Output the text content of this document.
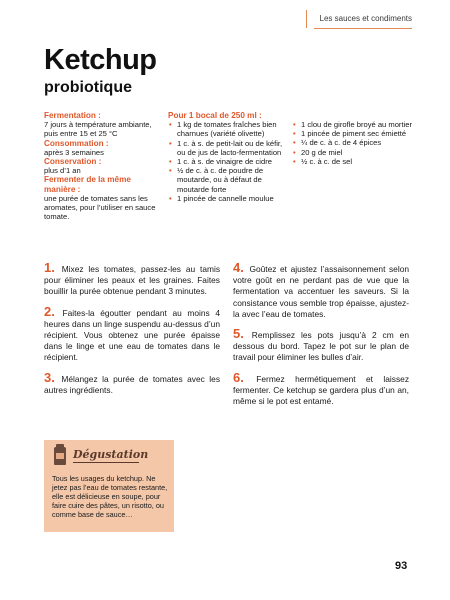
Les sauces et condiments
Ketchup
probiotique
Fermentation :
7 jours à température ambiante, puis entre 15 et 25 °C
Consommation :
après 3 semaines
Conservation :
plus d’1 an
Fermenter de la même manière :
une purée de tomates sans les aromates, pour l’utiliser en sauce tomate.
Pour 1 bocal de 250 ml :
• 1 kg de tomates fraîches bien charnues (variété olivette)
• 1 c. à s. de petit-lait ou de kéfir, ou de jus de lacto-fermentation
• 1 c. à s. de vinaigre de cidre
• ½ de c. à c. de poudre de moutarde, ou à défaut de moutarde forte
• 1 pincée de cannelle moulue
• 1 clou de girofle broyé au mortier
• 1 pincée de piment sec émietté
• ¼ de c. à c. de 4 épices
• 20 g de miel
• ½ c. à c. de sel

1. Mixez les tomates, passez-les au tamis pour éliminer les peaux et les graines. Faites bouillir la purée obtenue pendant 3 minutes.

2. Faites-la égoutter pendant au moins 4 heures dans un linge suspendu au-dessus d’un récipient. Vous obtenez une purée épaisse dans le linge et une eau de tomates dans le récipient.

3. Mélangez la purée de tomates avec les autres ingrédients.

4. Goûtez et ajustez l’assaisonnement selon votre goût en ne perdant pas de vue que la fermentation va accentuer les saveurs. Si la consistance vous semble trop épaisse, ajustez-la avec l’eau de tomates.

5. Remplissez les pots jusqu’à 2 cm en dessous du bord. Tapez le pot sur le plan de travail pour éliminer les bulles d’air.

6. Fermez hermétiquement et laissez fermenter. Ce ketchup se gardera plus d’un an, même si le pot est entamé.

Dégustation
Tous les usages du ketchup. Ne jetez pas l’eau de tomates restante, elle est délicieuse en soupe, pour faire cuire des pâtes, un risotto, ou comme base de sauce…
93
